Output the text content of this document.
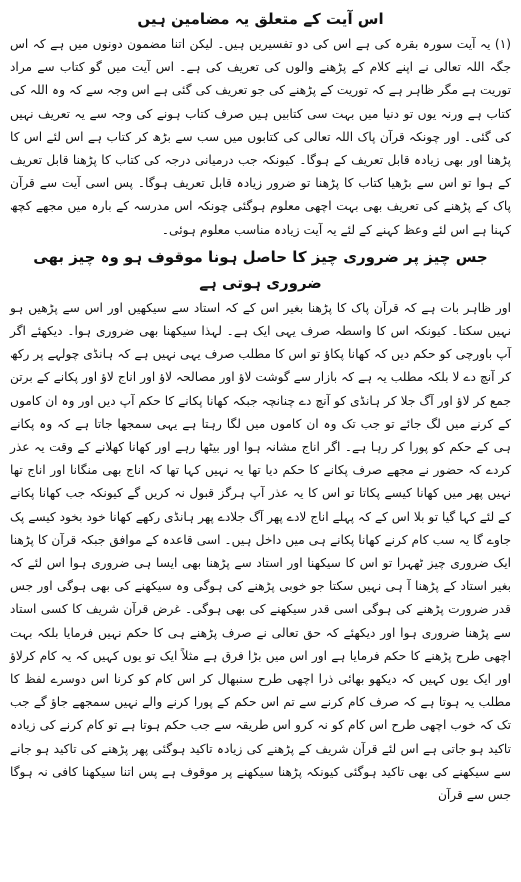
اس آیت کے متعلق یہ مضامین ہیں

(۱) یہ آیت سورہ بقرہ کی ہے اس کی دو تفسیریں ہیں۔ لیکن اتنا مضمون دونوں میں ہے کہ اس جگہ اللہ تعالی نے اپنے کلام کے پڑھنے والوں کی تعریف کی ہے۔ اس آیت میں گو کتاب سے مراد توریت ہے مگر ظاہر ہے کہ توریت کے پڑھنے کی جو تعریف کی گئی ہے اس وجہ سے کہ وہ اللہ کی کتاب ہے ورنہ یوں تو دنیا میں بہت سی کتابیں ہیں صرف کتاب ہونے کی وجہ سے یہ تعریف نہیں کی گئی۔ اور چونکہ قرآن پاک اللہ تعالی کی کتابوں میں سب سے بڑھ کر کتاب ہے اس لئے اس کا پڑھنا اور بھی زیادہ قابل تعریف کے ہوگا۔ کیونکہ جب درمیانی درجہ کی کتاب کا پڑھنا قابل تعریف کے ہوا تو اس سے بڑھیا کتاب کا پڑھنا تو ضرور زیادہ قابل تعریف ہوگا۔ پس اسی آیت سے قرآن پاک کے پڑھنے کی تعریف بھی بہت اچھی معلوم ہوگئی چونکہ اس مدرسہ کے بارہ میں مجھے کچھ کہنا ہے اس لئے وعظ کہنے کے لئے یہ آیت زیادہ مناسب معلوم ہوئی۔

جس چیز پر ضروری چیز کا حاصل ہونا موقوف ہو وہ چیز بھی ضروری ہوتی ہے

اور ظاہر بات ہے کہ قرآن پاک کا پڑھنا بغیر اس کے کہ استاد سے سیکھیں اور اس سے پڑھیں ہو نہیں سکتا۔ کیونکہ اس کا واسطہ صرف یہی ایک ہے۔ لہذا سیکھنا بھی ضروری ہوا۔ دیکھئے اگر آپ باورچی کو حکم دیں کہ کھانا پکاؤ تو اس کا مطلب صرف یہی نہیں ہے کہ ہانڈی چولہے پر رکھ کر آنچ دے لا بلکہ مطلب یہ ہے کہ بازار سے گوشت لاؤ اور مصالحہ لاؤ اور اناج لاؤ اور پکانے کے برتن جمع کر لاؤ اور آگ جلا کر ہانڈی کو آنچ دے چنانچہ جبکہ کھانا پکانے کا حکم آپ دیں اور وہ ان کاموں کے کرنے میں لگ جائے تو جب تک وہ ان کاموں میں لگا رہتا ہے یہی سمجھا جاتا ہے کہ وہ پکانے ہی کے حکم کو پورا کر رہا ہے۔ اگر اناج مشانہ ہوا اور بیٹھا رہے اور کھانا کھلانے کے وقت یہ عذر کردے کہ حضور نے مجھے صرف پکانے کا حکم دیا تھا یہ نہیں کہا تھا کہ اناج بھی منگانا اور اناج تھا نہیں پھر میں کھانا کیسے پکاتا تو اس کا یہ عذر آپ ہرگز قبول نہ کریں گے کیونکہ جب کھانا پکانے کے لئے کہا گیا تو بلا اس کے کہ پہلے اناج لادے پھر آگ جلادے پھر ہانڈی رکھے کھانا خود بخود کیسے پک جاوے گا یہ سب کام کرنے کھانا پکانے ہی میں داخل ہیں۔ اسی قاعدہ کے موافق جبکہ قرآن کا پڑھنا ایک ضروری چیز ٹھہرا تو اس کا سیکھنا اور استاد سے پڑھنا بھی ایسا ہی ضروری ہوا اس لئے کہ بغیر استاد کے پڑھنا آ ہی نہیں سکتا جو خوبی پڑھنے کی ہوگی وہ سیکھنے کی بھی ہوگی اور جس قدر ضرورت پڑھنے کی ہوگی اسی قدر سیکھنے کی بھی ہوگی۔ غرض قرآن شریف کا کسی استاد سے پڑھنا ضروری ہوا اور دیکھئے کہ حق تعالی نے صرف پڑھنے ہی کا حکم نہیں فرمایا بلکہ بہت اچھی طرح پڑھنے کا حکم فرمایا ہے اور اس میں بڑا فرق ہے مثلاً ایک تو یوں کہیں کہ یہ کام کرلاؤ اور ایک یوں کہیں کہ دیکھو بھائی ذرا اچھی طرح سنبھال کر اس کام کو کرنا اس دوسرے لفظ کا مطلب یہ ہوتا ہے کہ صرف کام کرنے سے تم اس حکم کے پورا کرنے والے نہیں سمجھے جاؤ گے جب تک کہ خوب اچھی طرح اس کام کو نہ کرو اس طریقہ سے جب حکم ہوتا ہے تو کام کرنے کی زیادہ تاکید ہو جاتی ہے اس لئے قرآن شریف کے پڑھنے کی زیادہ تاکید ہوگئی پھر پڑھنے کی تاکید ہو جانے سے سیکھنے کی بھی تاکید ہوگئی کیونکہ پڑھنا سیکھنے پر موقوف ہے پس اتنا سیکھنا کافی نہ ہوگا جس سے قرآن
